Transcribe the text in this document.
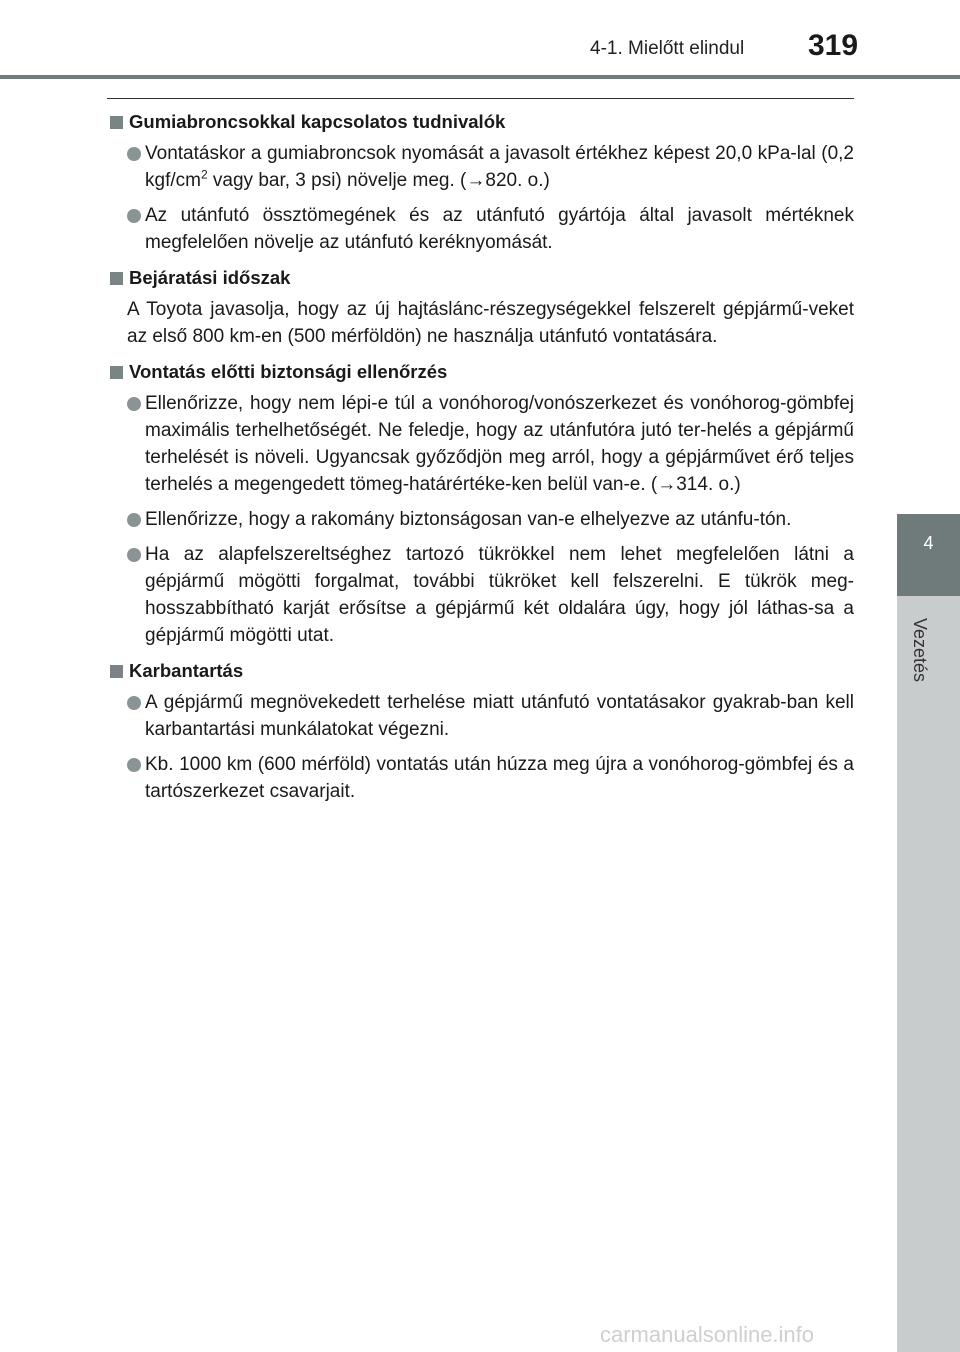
4-1. Mielőtt elindul 319
4
Vezetés
Gumiabroncsokkal kapcsolatos tudnivalók
Vontatáskor a gumiabroncsok nyomását a javasolt értékhez képest 20,0 kPa-lal (0,2 kgf/$cm^2$ vagy bar, 3 psi) növelje meg. (→820. o.)
Az utánfutó össztömegének és az utánfutó gyártója által javasolt mértéknek megfelelően növelje az utánfutó keréknyomását.
Bejáratási időszak
A Toyota javasolja, hogy az új hajtáslánc-részegységekkel felszerelt gépjármű-veket az első 800 km-en (500 mérföldön) ne használja utánfutó vontatására.
Vontatás előtti biztonsági ellenőrzés
Ellenőrizze, hogy nem lépi-e túl a vonóhorog/vonószerkezet és vonóhorog-gömbfej maximális terhelhetőségét. Ne feledje, hogy az utánfutóra jutó ter-helés a gépjármű terhelését is növeli. Ugyancsak győződjön meg arról, hogy a gépjárművet érő teljes terhelés a megengedett tömeg-határértéke-ken belül van-e. (→314. o.)
Ellenőrizze, hogy a rakomány biztonságosan van-e elhelyezve az utánfu-tón.
Ha az alapfelszereltséghez tartozó tükrökkel nem lehet megfelelően látni a gépjármű mögötti forgalmat, további tükröket kell felszerelni. E tükrök meg-hosszabbítható karját erősítse a gépjármű két oldalára úgy, hogy jól láthas-sa a gépjármű mögötti utat.
Karbantartás
A gépjármű megnövekedett terhelése miatt utánfutó vontatásakor gyakrab-ban kell karbantartási munkálatokat végezni.
Kb. 1000 km (600 mérföld) vontatás után húzza meg újra a vonóhorog-gömbfej és a tartószerkezet csavarjait.
carmanualsonline.info
